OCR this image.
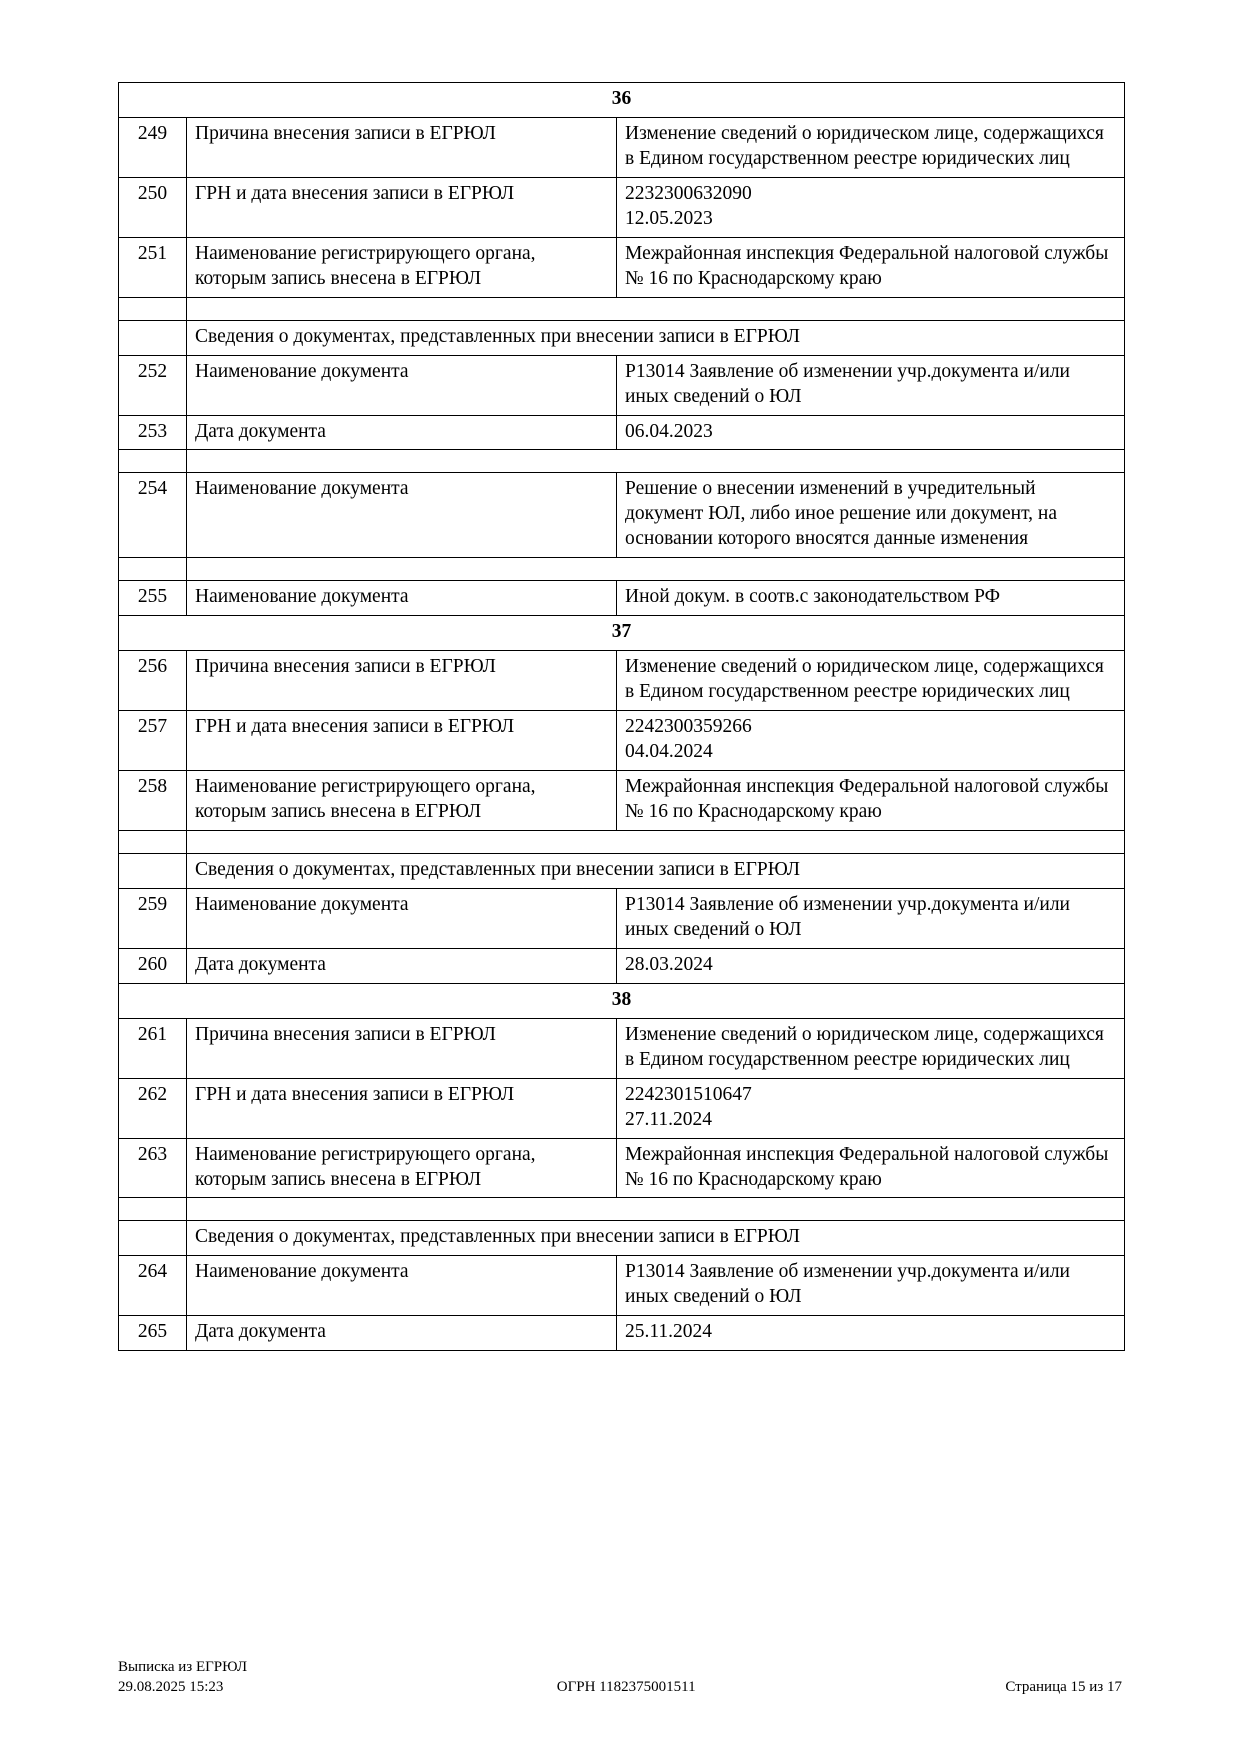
36		
249	Причина внесения записи в ЕГРЮЛ	Изменение сведений о юридическом лице, содержащихся в Едином государственном реестре юридических лиц

250	ГРН и дата внесения записи в ЕГРЮЛ	2232300632090
12.05.2023

251	Наименование регистрирующего органа, которым запись внесена в ЕГРЮЛ	Межрайонная инспекция Федеральной налоговой службы № 16 по Краснодарскому краю

	Сведения о документах, представленных при внесении записи в ЕГРЮЛ	
252	Наименование документа	Р13014 Заявление об изменении учр.документа и/или иных сведений о ЮЛ

253	Дата документа	06.04.2023

254	Наименование документа	Решение о внесении изменений в учредительный документ ЮЛ, либо иное решение или документ, на основании которого вносятся данные изменения

255	Наименование документа	Иной докум. в соотв.с законодательством РФ

37		
256	Причина внесения записи в ЕГРЮЛ	Изменение сведений о юридическом лице, содержащихся в Едином государственном реестре юридических лиц

257	ГРН и дата внесения записи в ЕГРЮЛ	2242300359266
04.04.2024

258	Наименование регистрирующего органа, которым запись внесена в ЕГРЮЛ	Межрайонная инспекция Федеральной налоговой службы № 16 по Краснодарскому краю

	Сведения о документах, представленных при внесении записи в ЕГРЮЛ	
259	Наименование документа	Р13014 Заявление об изменении учр.документа и/или иных сведений о ЮЛ

260	Дата документа	28.03.2024

38		
261	Причина внесения записи в ЕГРЮЛ	Изменение сведений о юридическом лице, содержащихся в Едином государственном реестре юридических лиц

262	ГРН и дата внесения записи в ЕГРЮЛ	2242301510647
27.11.2024

263	Наименование регистрирующего органа, которым запись внесена в ЕГРЮЛ	Межрайонная инспекция Федеральной налоговой службы № 16 по Краснодарскому краю

	Сведения о документах, представленных при внесении записи в ЕГРЮЛ	
264	Наименование документа	Р13014 Заявление об изменении учр.документа и/или иных сведений о ЮЛ

265	Дата документа	25.11.2024
Выписка из ЕГРЮЛ
29.08.2025 15:23	ОГРН 1182375001511	Страница 15 из 17
